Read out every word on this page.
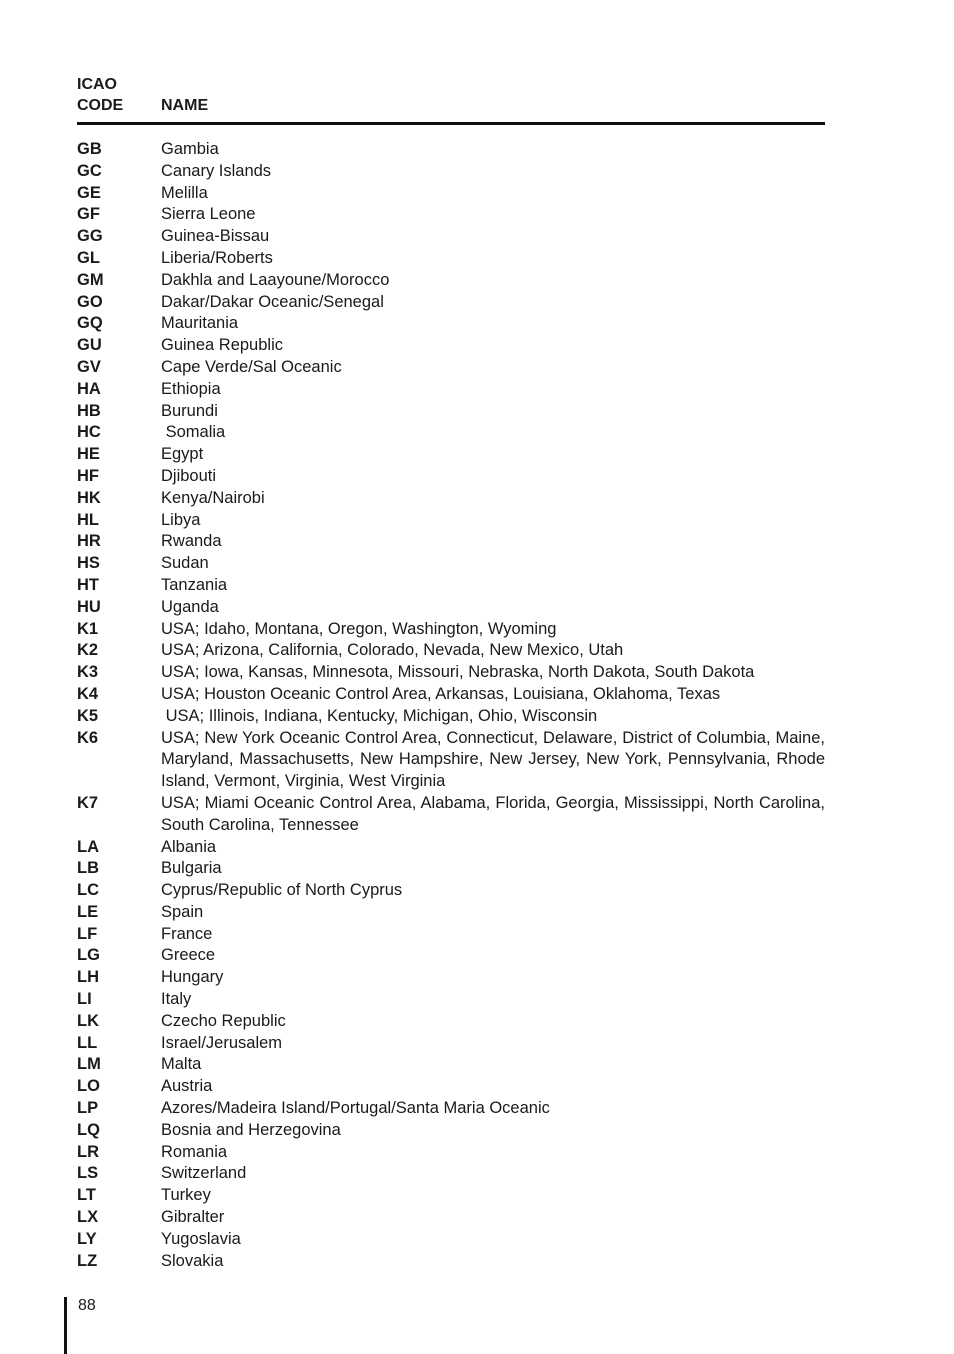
ICAO
CODE NAME
GB	Gambia
GC	Canary Islands
GE	Melilla
GF	Sierra Leone
GG	Guinea-Bissau
GL	Liberia/Roberts
GM	Dakhla and Laayoune/Morocco
GO	Dakar/Dakar Oceanic/Senegal
GQ	Mauritania
GU	Guinea Republic
GV	Cape Verde/Sal Oceanic
HA	Ethiopia
HB	Burundi
HC	Somalia
HE	Egypt
HF	Djibouti
HK	Kenya/Nairobi
HL	Libya
HR	Rwanda
HS	Sudan
HT	Tanzania
HU	Uganda
K1	USA; Idaho, Montana, Oregon, Washington, Wyoming
K2	USA; Arizona, California, Colorado, Nevada, New Mexico, Utah
K3	USA; Iowa, Kansas, Minnesota, Missouri, Nebraska, North Dakota, South Dakota
K4	USA; Houston Oceanic Control Area, Arkansas, Louisiana, Oklahoma, Texas
K5	USA; Illinois, Indiana, Kentucky, Michigan, Ohio, Wisconsin
K6	USA; New York Oceanic Control Area, Connecticut, Delaware, District of Columbia, Maine, Maryland, Massachusetts, New Hampshire, New Jersey, New York, Pennsylvania, Rhode Island, Vermont, Virginia, West Virginia
K7	USA; Miami Oceanic Control Area, Alabama, Florida, Georgia, Mississippi, North Carolina, South Carolina, Tennessee
LA	Albania
LB	Bulgaria
LC	Cyprus/Republic of North Cyprus
LE	Spain
LF	France
LG	Greece
LH	Hungary
LI	Italy
LK	Czecho Republic
LL	Israel/Jerusalem
LM	Malta
LO	Austria
LP	Azores/Madeira Island/Portugal/Santa Maria Oceanic
LQ	Bosnia and Herzegovina
LR	Romania
LS	Switzerland
LT	Turkey
LX	Gibralter
LY	Yugoslavia
LZ	Slovakia
88
